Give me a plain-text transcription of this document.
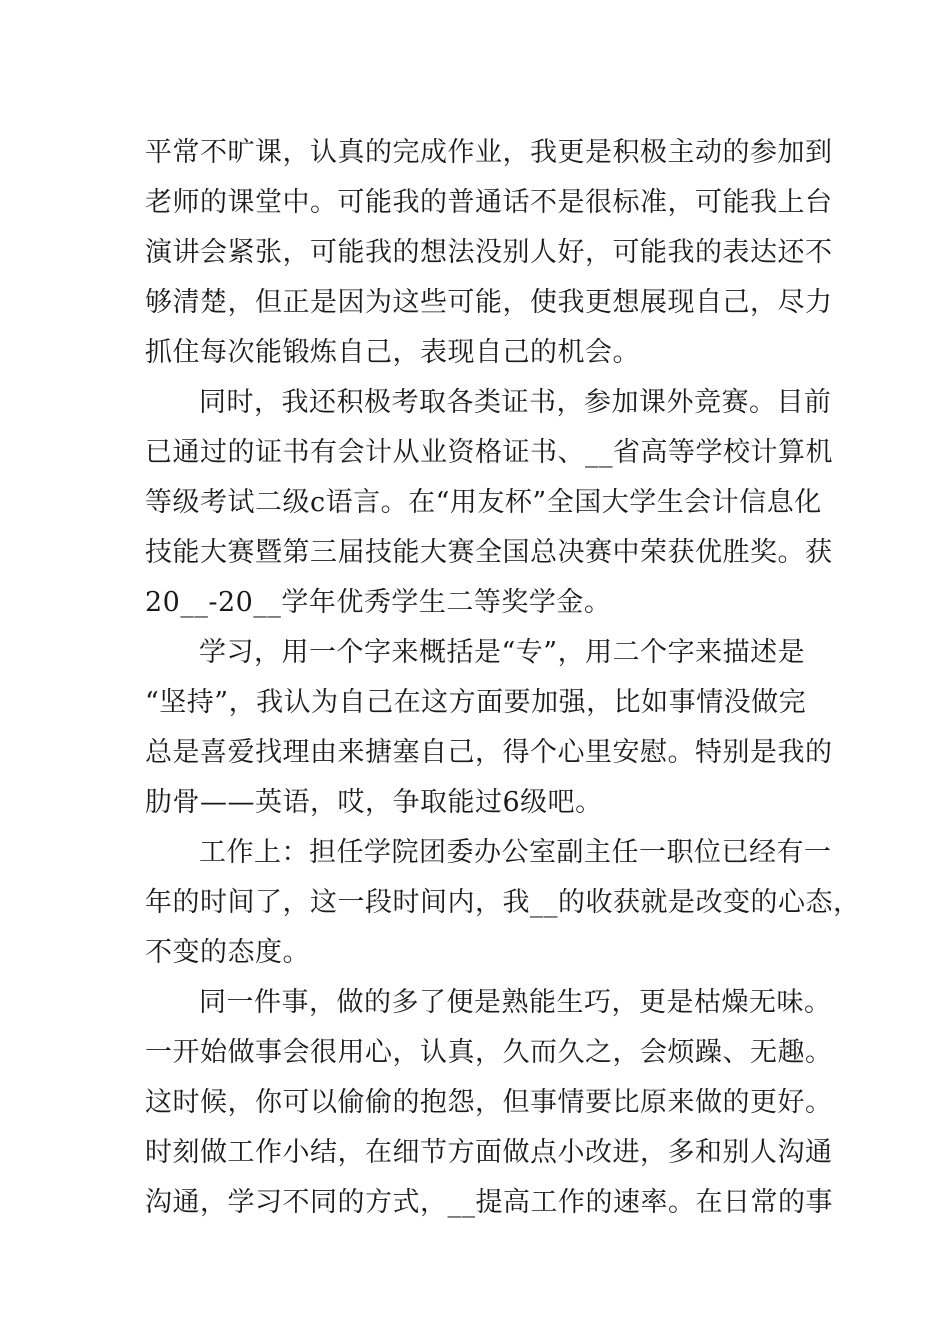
平常不旷课，认真的完成作业，我更是积极主动的参加到
老师的课堂中。可能我的普通话不是很标准，可能我上台
演讲会紧张，可能我的想法没别人好，可能我的表达还不
够清楚，但正是因为这些可能，使我更想展现自己，尽力
抓住每次能锻炼自己，表现自己的机会。
同时，我还积极考取各类证书，参加课外竞赛。目前
已通过的证书有会计从业资格证书、__省高等学校计算机
等级考试二级c语言。在“用友杯”全国大学生会计信息化
技能大赛暨第三届技能大赛全国总决赛中荣获优胜奖。获
20__-20__学年优秀学生二等奖学金。
学习，用一个字来概括是“专”，用二个字来描述是
“坚持”，我认为自己在这方面要加强，比如事情没做完
总是喜爱找理由来搪塞自己，得个心里安慰。特别是我的
肋骨——英语，哎，争取能过6级吧。
工作上：担任学院团委办公室副主任一职位已经有一
年的时间了，这一段时间内，我__的收获就是改变的心态，
不变的态度。
同一件事，做的多了便是熟能生巧，更是枯燥无味。
一开始做事会很用心，认真，久而久之，会烦躁、无趣。
这时候，你可以偷偷的抱怨，但事情要比原来做的更好。
时刻做工作小结，在细节方面做点小改进，多和别人沟通
沟通，学习不同的方式，__提高工作的速率。在日常的事
